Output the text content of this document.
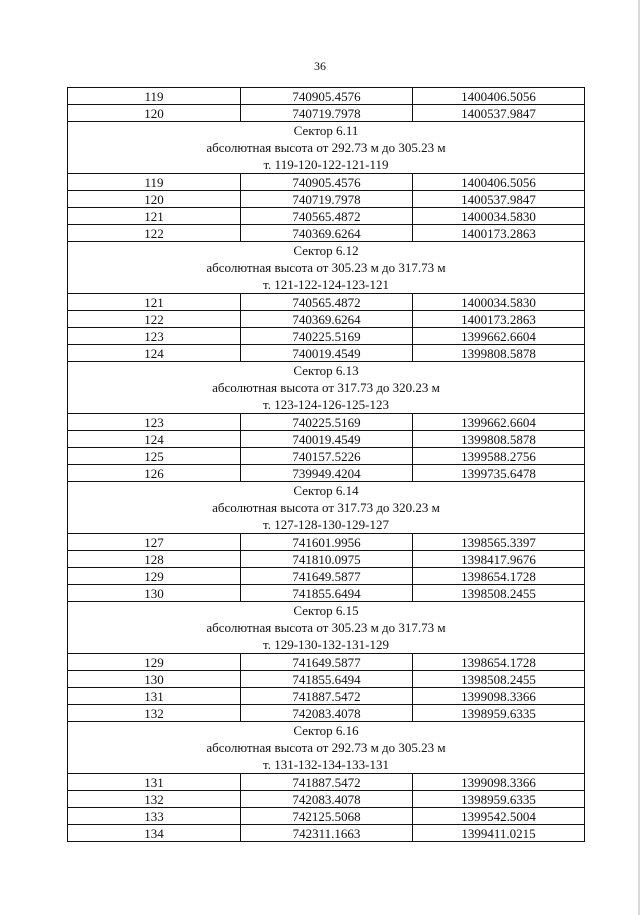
36
119	740905.4576	1400406.5056
120	740719.7978	1400537.9847
Сектор 6.11		
абсолютная высота от 292.73 м до 305.23 м		
т. 119-120-122-121-119		
119	740905.4576	1400406.5056
120	740719.7978	1400537.9847
121	740565.4872	1400034.5830
122	740369.6264	1400173.2863
Сектор 6.12		
абсолютная высота от 305.23 м до 317.73 м		
т. 121-122-124-123-121		
121	740565.4872	1400034.5830
122	740369.6264	1400173.2863
123	740225.5169	1399662.6604
124	740019.4549	1399808.5878
Сектор 6.13		
абсолютная высота от 317.73 до 320.23 м		
т. 123-124-126-125-123		
123	740225.5169	1399662.6604
124	740019.4549	1399808.5878
125	740157.5226	1399588.2756
126	739949.4204	1399735.6478
Сектор 6.14		
абсолютная высота от 317.73 до 320.23 м		
т. 127-128-130-129-127		
127	741601.9956	1398565.3397
128	741810.0975	1398417.9676
129	741649.5877	1398654.1728
130	741855.6494	1398508.2455
Сектор 6.15		
абсолютная высота от 305.23 м до 317.73 м		
т. 129-130-132-131-129		
129	741649.5877	1398654.1728
130	741855.6494	1398508.2455
131	741887.5472	1399098.3366
132	742083.4078	1398959.6335
Сектор 6.16		
абсолютная высота от 292.73 м до 305.23 м		
т. 131-132-134-133-131		
131	741887.5472	1399098.3366
132	742083.4078	1398959.6335
133	742125.5068	1399542.5004
134	742311.1663	1399411.0215
